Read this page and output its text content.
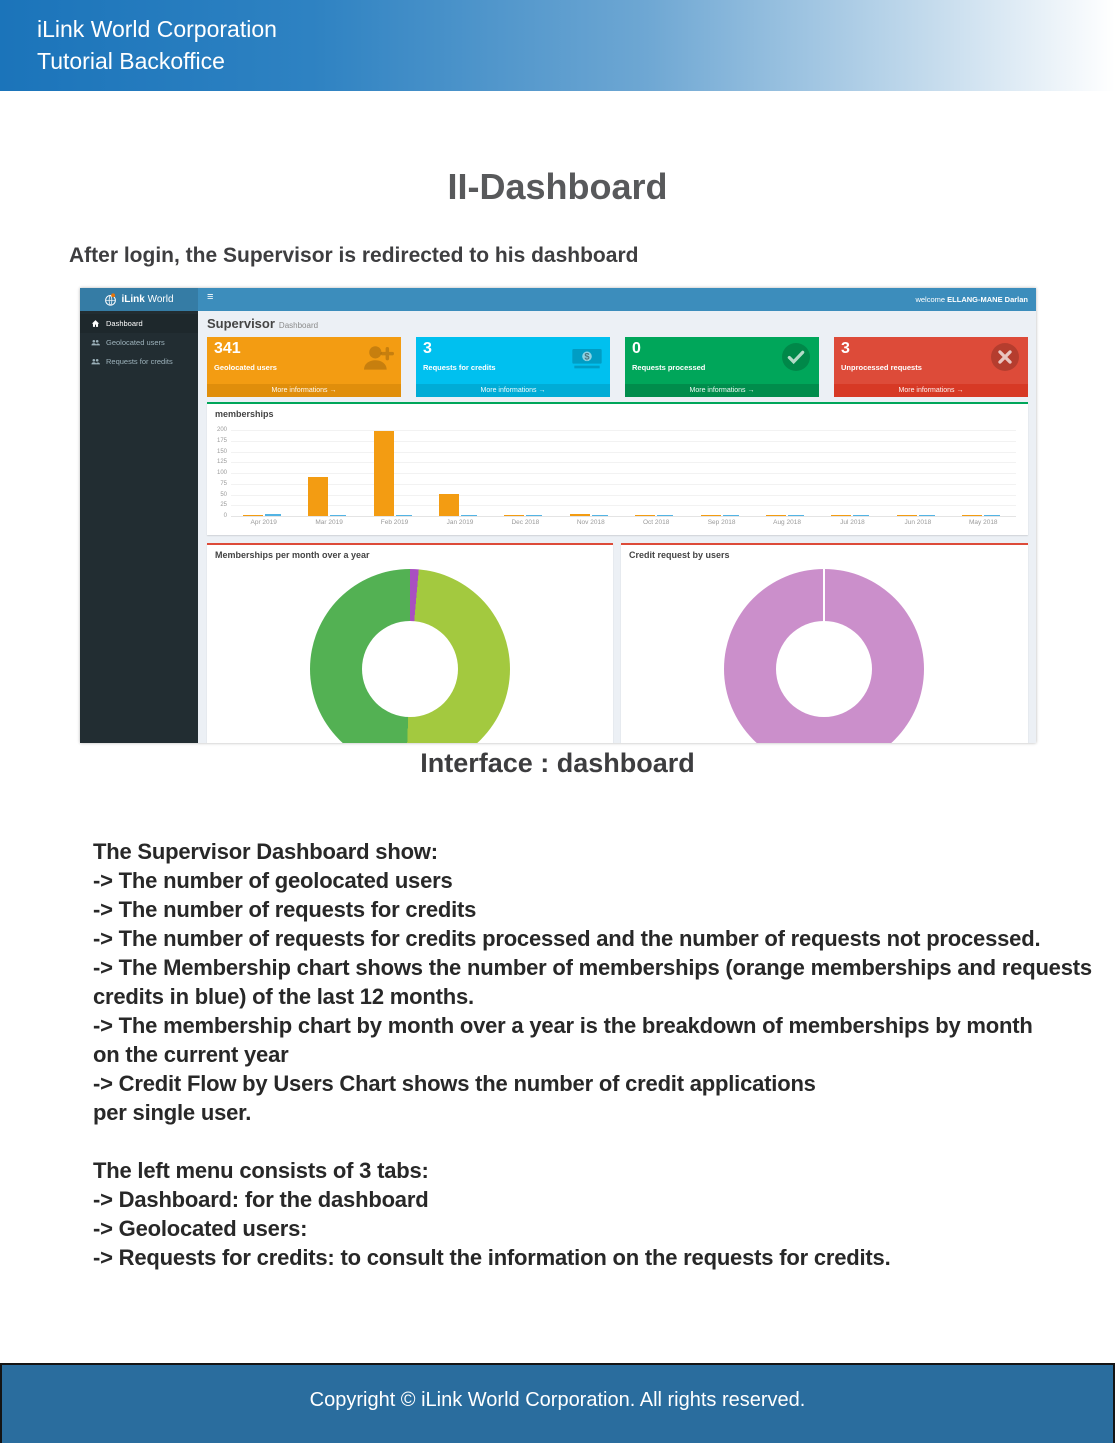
iLink World Corporation
Tutorial Backoffice
II-Dashboard
After login, the Supervisor is redirected to his dashboard
iLink World	≡	welcome ELLANG-MANE Darlan
Dashboard
Geolocated users
Requests for credits
Supervisor Dashboard
341
Geolocated users
More informations →
3
Requests for credits
$
More informations →
0
Requests processed
More informations →
3
Unprocessed requests
More informations →
memberships
0
25
50
75
100
125
150
175
200
Apr 2019	Mar 2019	Feb 2019	Jan 2019	Dec 2018	Nov 2018	Oct 2018	Sep 2018	Aug 2018	Jul 2018	Jun 2018	May 2018
Memberships per month over a year	Credit request by users
Interface : dashboard
The Supervisor Dashboard show:
-> The number of geolocated users
-> The number of requests for credits
-> The number of requests for credits processed and the number of requests not processed.
-> The Membership chart shows the number of memberships (orange memberships and requests
credits in blue) of the last 12 months.
-> The membership chart by month over a year is the breakdown of memberships by month
on the current year
-> Credit Flow by Users Chart shows the number of credit applications
per single user.

The left menu consists of 3 tabs:
-> Dashboard: for the dashboard
-> Geolocated users:
-> Requests for credits: to consult the information on the requests for credits.
Copyright © iLink World Corporation. All rights reserved.
